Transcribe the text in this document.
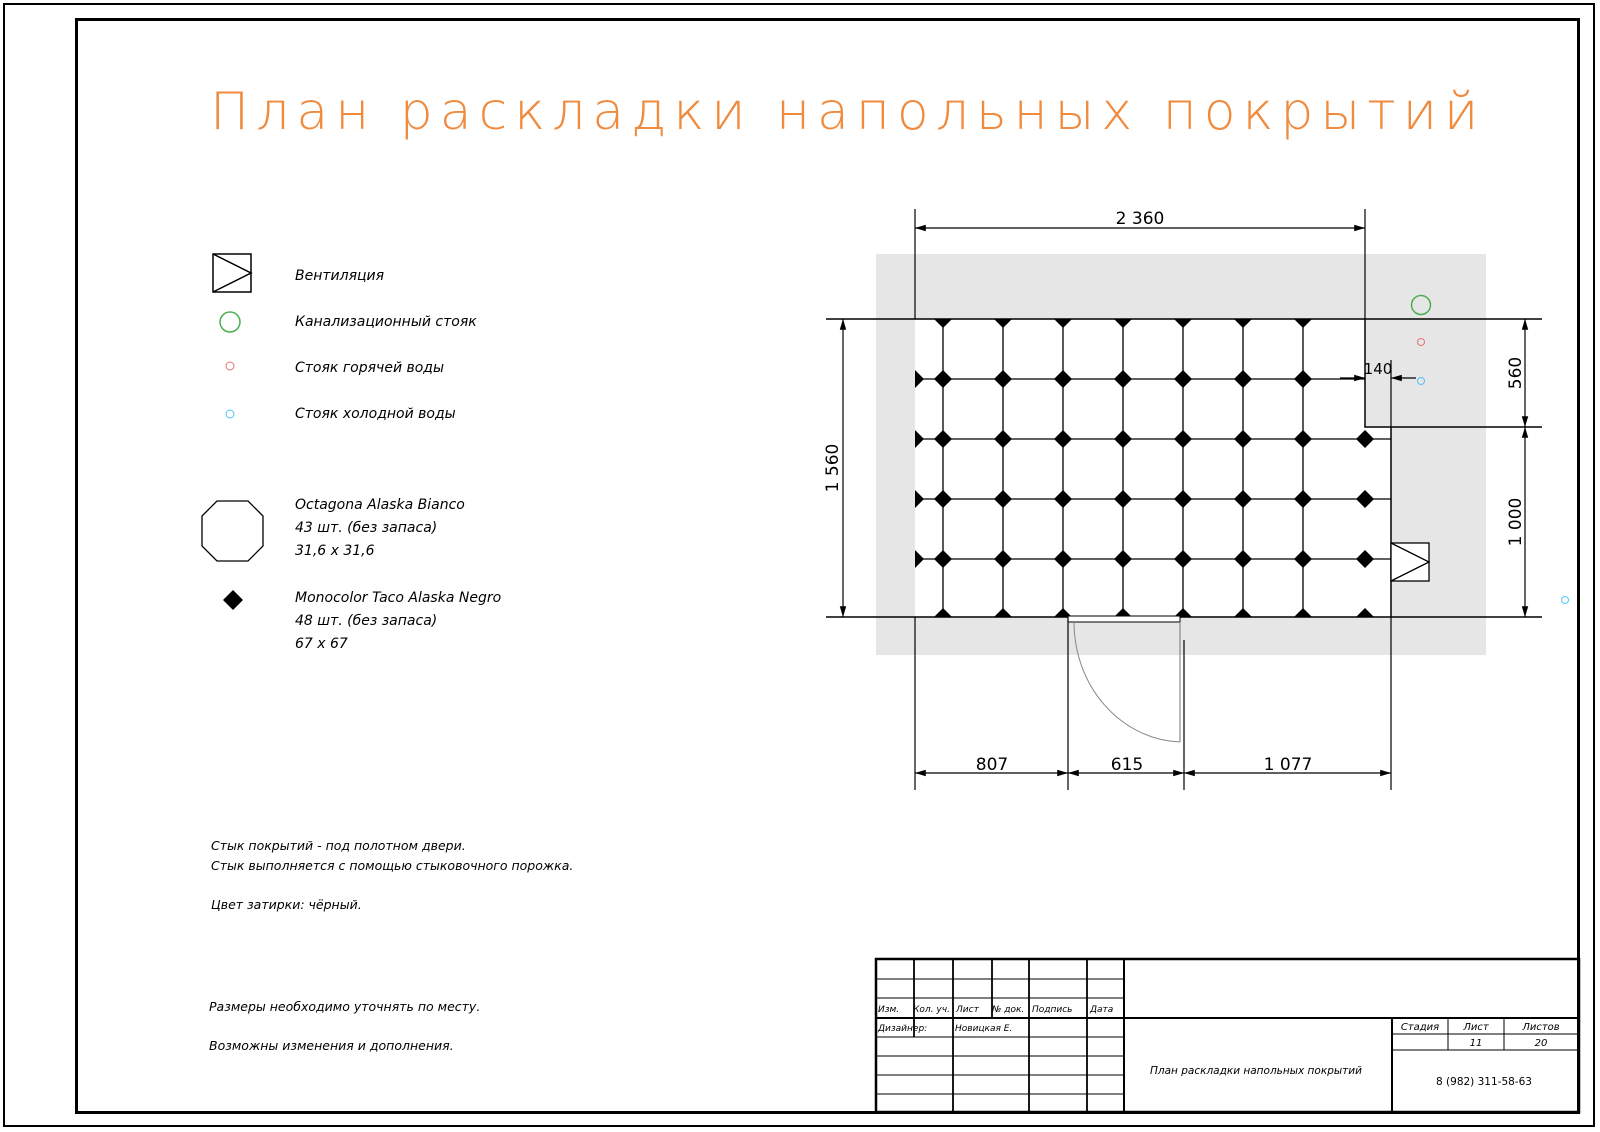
План раскладки напольных покрытий
Вентиляция
Канализационный стояк
Стояк горячей воды
Стояк холодной воды
Octagona Alaska Bianco
43 шт. (без запаса)
31,6 х 31,6
Monocolor Taco Alaska Negro
48 шт. (без запаса)
67 х 67
Стык покрытий - под полотном двери.
Стык выполняется с помощью стыковочного порожка.
Цвет затирки: чёрный.
Размеры необходимо уточнять по месту.
Возможны изменения и дополнения.
2 360
1 560
560
1 000
140
807	615	1 077
Изм. Кол. уч. Лист № док. Подпись Дата
Дизайнер:	Новицкая Е.
План раскладки напольных покрытий
Стадия Лист	Листов
11	20
8 (982) 311-58-63
